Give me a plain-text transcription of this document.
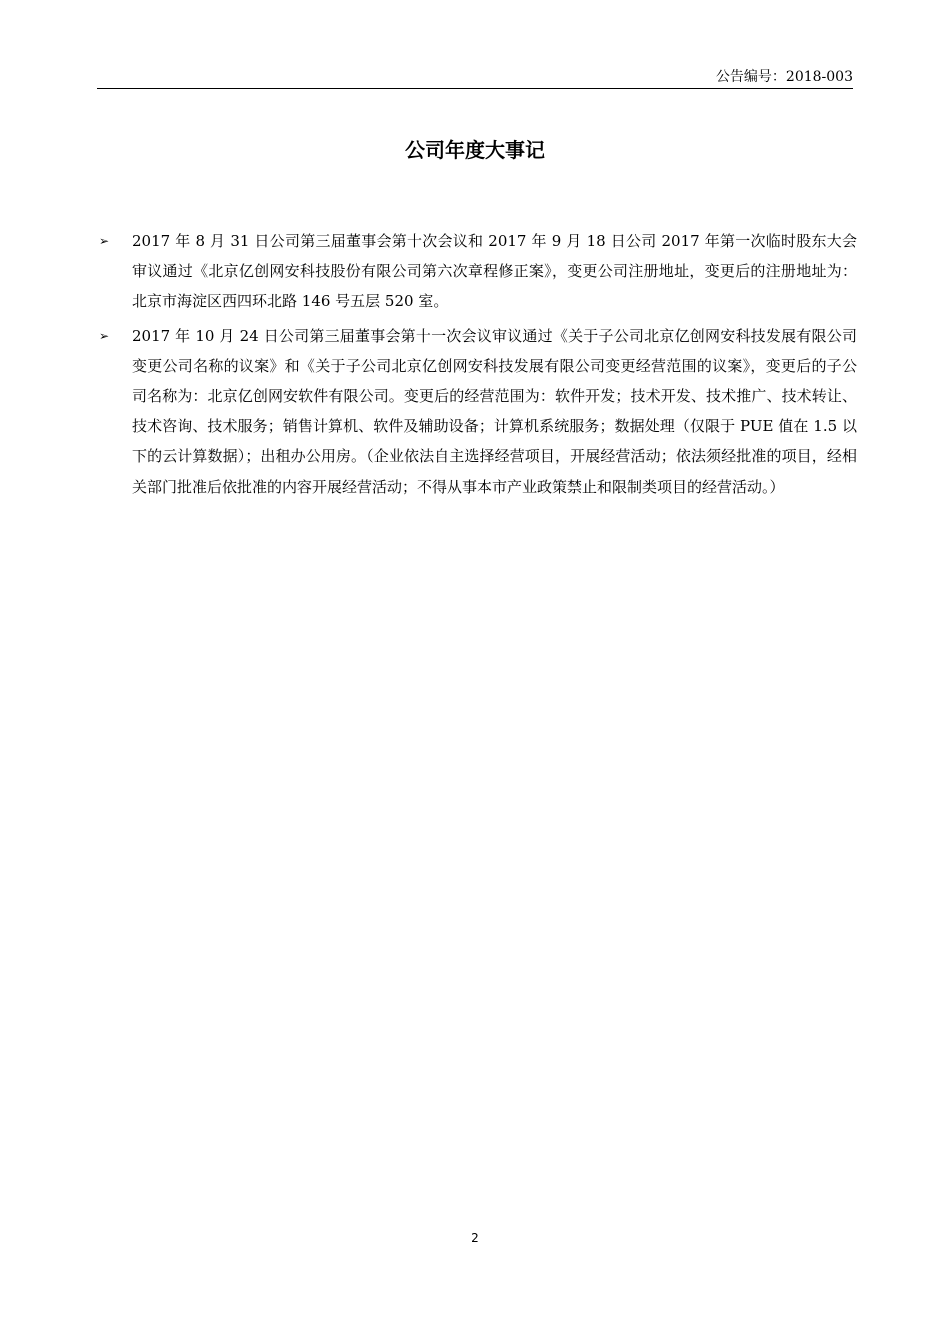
公告编号：2018-003
公司年度大事记
➢ 2017 年 8 月 31 日公司第三届董事会第十次会议和 2017 年 9 月 18 日公司 2017 年第一次临时股东大会审议通过《北京亿创网安科技股份有限公司第六次章程修正案》，变更公司注册地址，变更后的注册地址为：北京市海淀区西四环北路 146 号五层 520 室。
➢ 2017 年 10 月 24 日公司第三届董事会第十一次会议审议通过《关于子公司北京亿创网安科技发展有限公司变更公司名称的议案》和《关于子公司北京亿创网安科技发展有限公司变更经营范围的议案》，变更后的子公司名称为：北京亿创网安软件有限公司。变更后的经营范围为：软件开发；技术开发、技术推广、技术转让、技术咨询、技术服务；销售计算机、软件及辅助设备；计算机系统服务；数据处理（仅限于 PUE 值在 1.5 以下的云计算数据）；出租办公用房。（企业依法自主选择经营项目，开展经营活动；依法须经批准的项目，经相关部门批准后依批准的内容开展经营活动；不得从事本市产业政策禁止和限制类项目的经营活动。）
2
